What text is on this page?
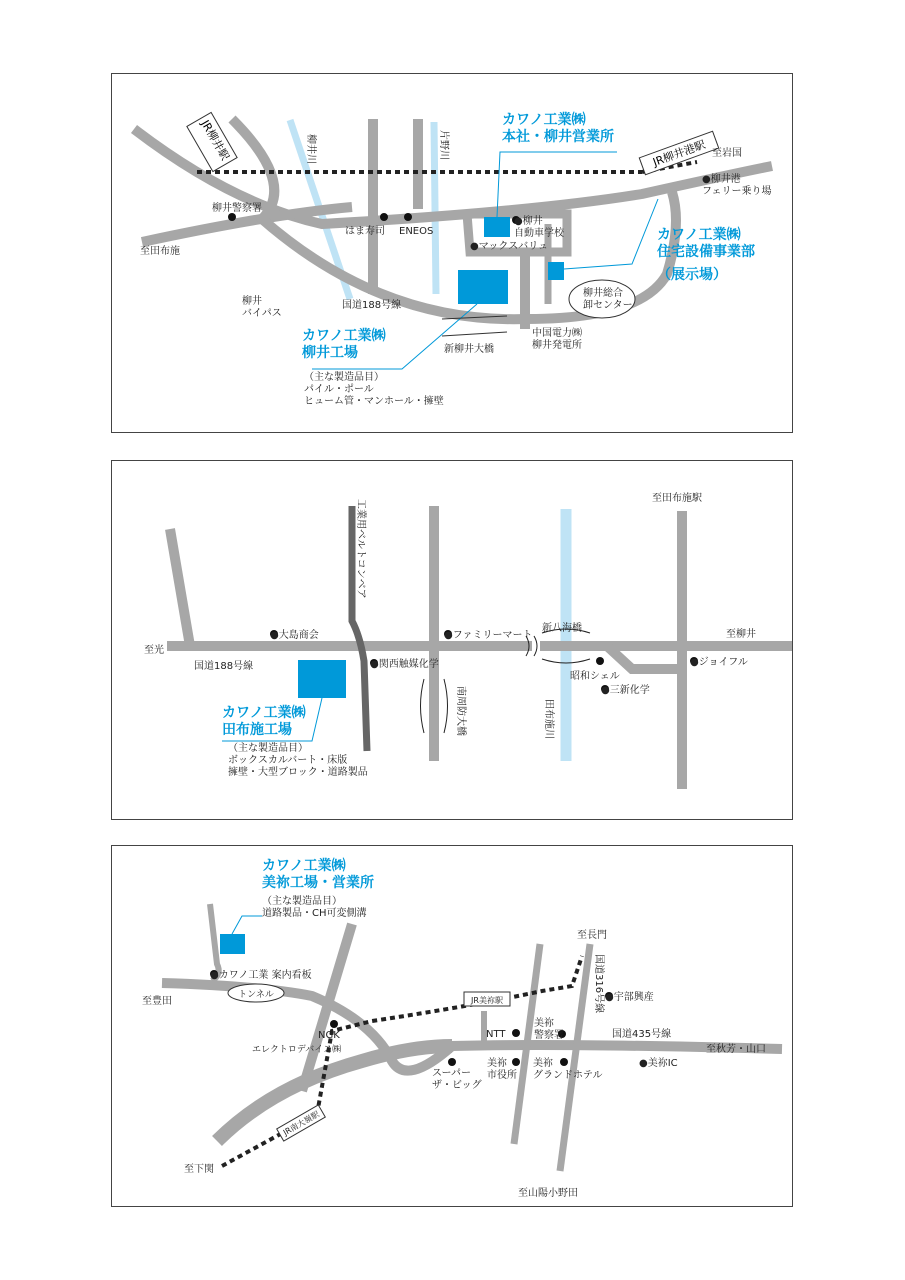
JR柳井駅	JR柳井港駅
柳井川	片野川	至岩国
●柳井港フェリー乗り場
柳井警察署
至田布施
はま寿司 ENEOS
●柳井自動車学校
●マックスバリュ
柳井総合卸センター
柳井バイパス
国道188号線
新柳井大橋
中国電力㈱柳井発電所
（主な製造品目）パイル・ポールヒューム管・マンホール・擁壁
（展示場）
カワノ工業㈱本社・柳井営業所
カワノ工業㈱住宅設備事業部
カワノ工業㈱柳井工場
至田布施駅
工業用ベルトコンベア
至光
至柳井
●大島商会	●ファミリーマート
新八海橋
国道188号線	●関西触媒化学
昭和シェル
●ジョイフル
●三新化学
南周防大橋	田布施川
（主な製造品目）ボックスカルバート・床版擁壁・大型ブロック・道路製品
カワノ工業㈱田布施工場
（主な製造品目）道路製品・CH可変側溝
●カワノ工業 案内看板
至豊田
トンネル
至長門
国道316号線 ●宇部興産
JR美祢駅
NGK
エレクトロデバイス㈱
NTT
美祢警察署	国道435号線
至秋芳・山口
スーパーザ・ビッグ
美祢市役所
美祢グランドホテル
●美祢IC
JR南大嶺駅
至下関
至山陽小野田
カワノ工業㈱美祢工場・営業所
